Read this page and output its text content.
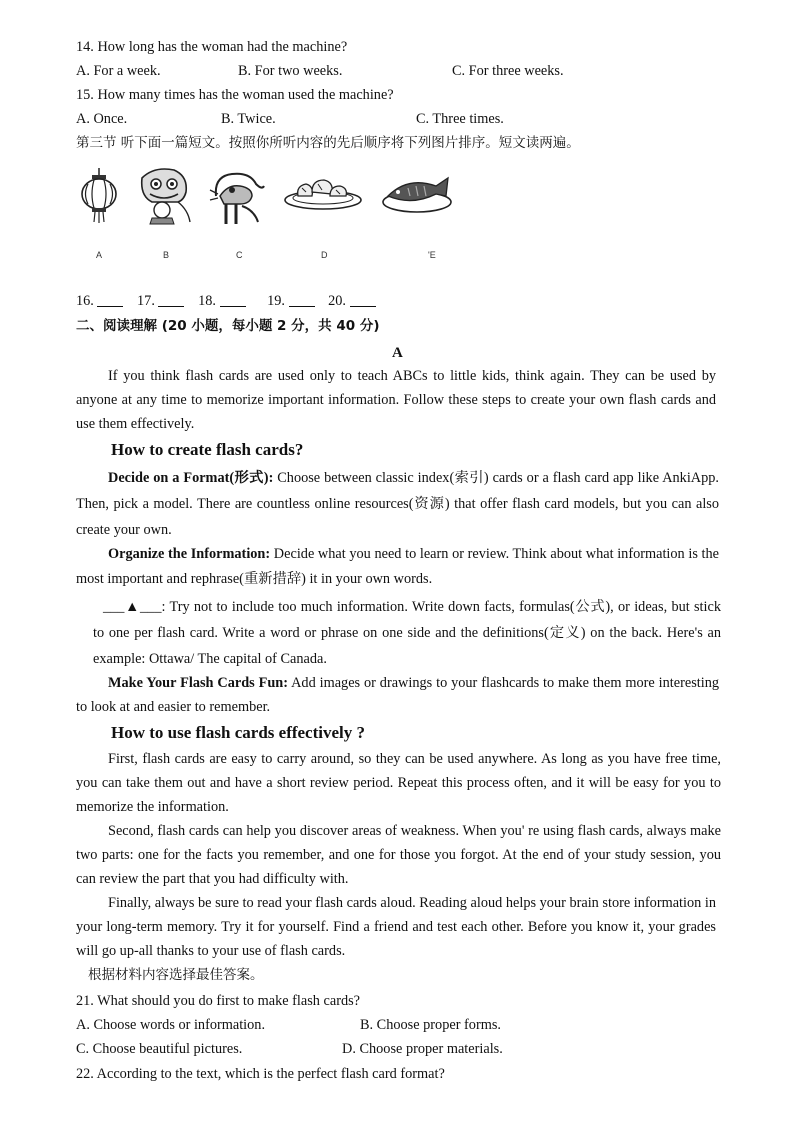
14. How long has the woman had the machine?
A. For a week.	B. For two weeks.	C. For three weeks.
15. How many times has the woman used the machine?
A. Once.	B. Twice.	C. Three times.
第三节 听下面一篇短文。按照你所听内容的先后顺序将下列图片排序。短文读两遍。
A	B	C	D	'E
16.	17.	18.	19.	20.
二、阅读理解 (20 小题，每小题 2 分，共 40 分)
A
If you think flash cards are used only to teach ABCs to little kids, think again. They can be used by anyone at any time to memorize important information. Follow these steps to create your own flash cards and use them effectively.
How to create flash cards?
Decide on a Format(形式): Choose between classic index(索引) cards or a flash card app like AnkiApp. Then, pick a model. There are countless online resources(资源) that offer flash card models, but you can also create your own.
Organize the Information: Decide what you need to learn or review. Think about what information is the most important and rephrase(重新措辞) it in your own words.
___▲___: Try not to include too much information. Write down facts, formulas(公式), or ideas, but stick to one per flash card. Write a word or phrase on one side and the definitions(定义) on the back. Here's an example: Ottawa/ The capital of Canada.
Make Your Flash Cards Fun: Add images or drawings to your flashcards to make them more interesting to look at and easier to remember.
How to use flash cards effectively ?
First, flash cards are easy to carry around, so they can be used anywhere. As long as you have free time, you can take them out and have a short review period. Repeat this process often, and it will be easy for you to memorize the information.
Second, flash cards can help you discover areas of weakness. When you' re using flash cards, always make two parts: one for the facts you remember, and one for those you forgot. At the end of your study session, you can review the part that you had difficulty with.
Finally, always be sure to read your flash cards aloud. Reading aloud helps your brain store information in your long-term memory. Try it for yourself. Find a friend and test each other. Before you know it, your grades will go up-all thanks to your use of flash cards.
根据材料内容选择最佳答案。
21. What should you do first to make flash cards?
A. Choose words or information.	B. Choose proper forms.
C. Choose beautiful pictures.	D. Choose proper materials.
22. According to the text, which is the perfect flash card format?
